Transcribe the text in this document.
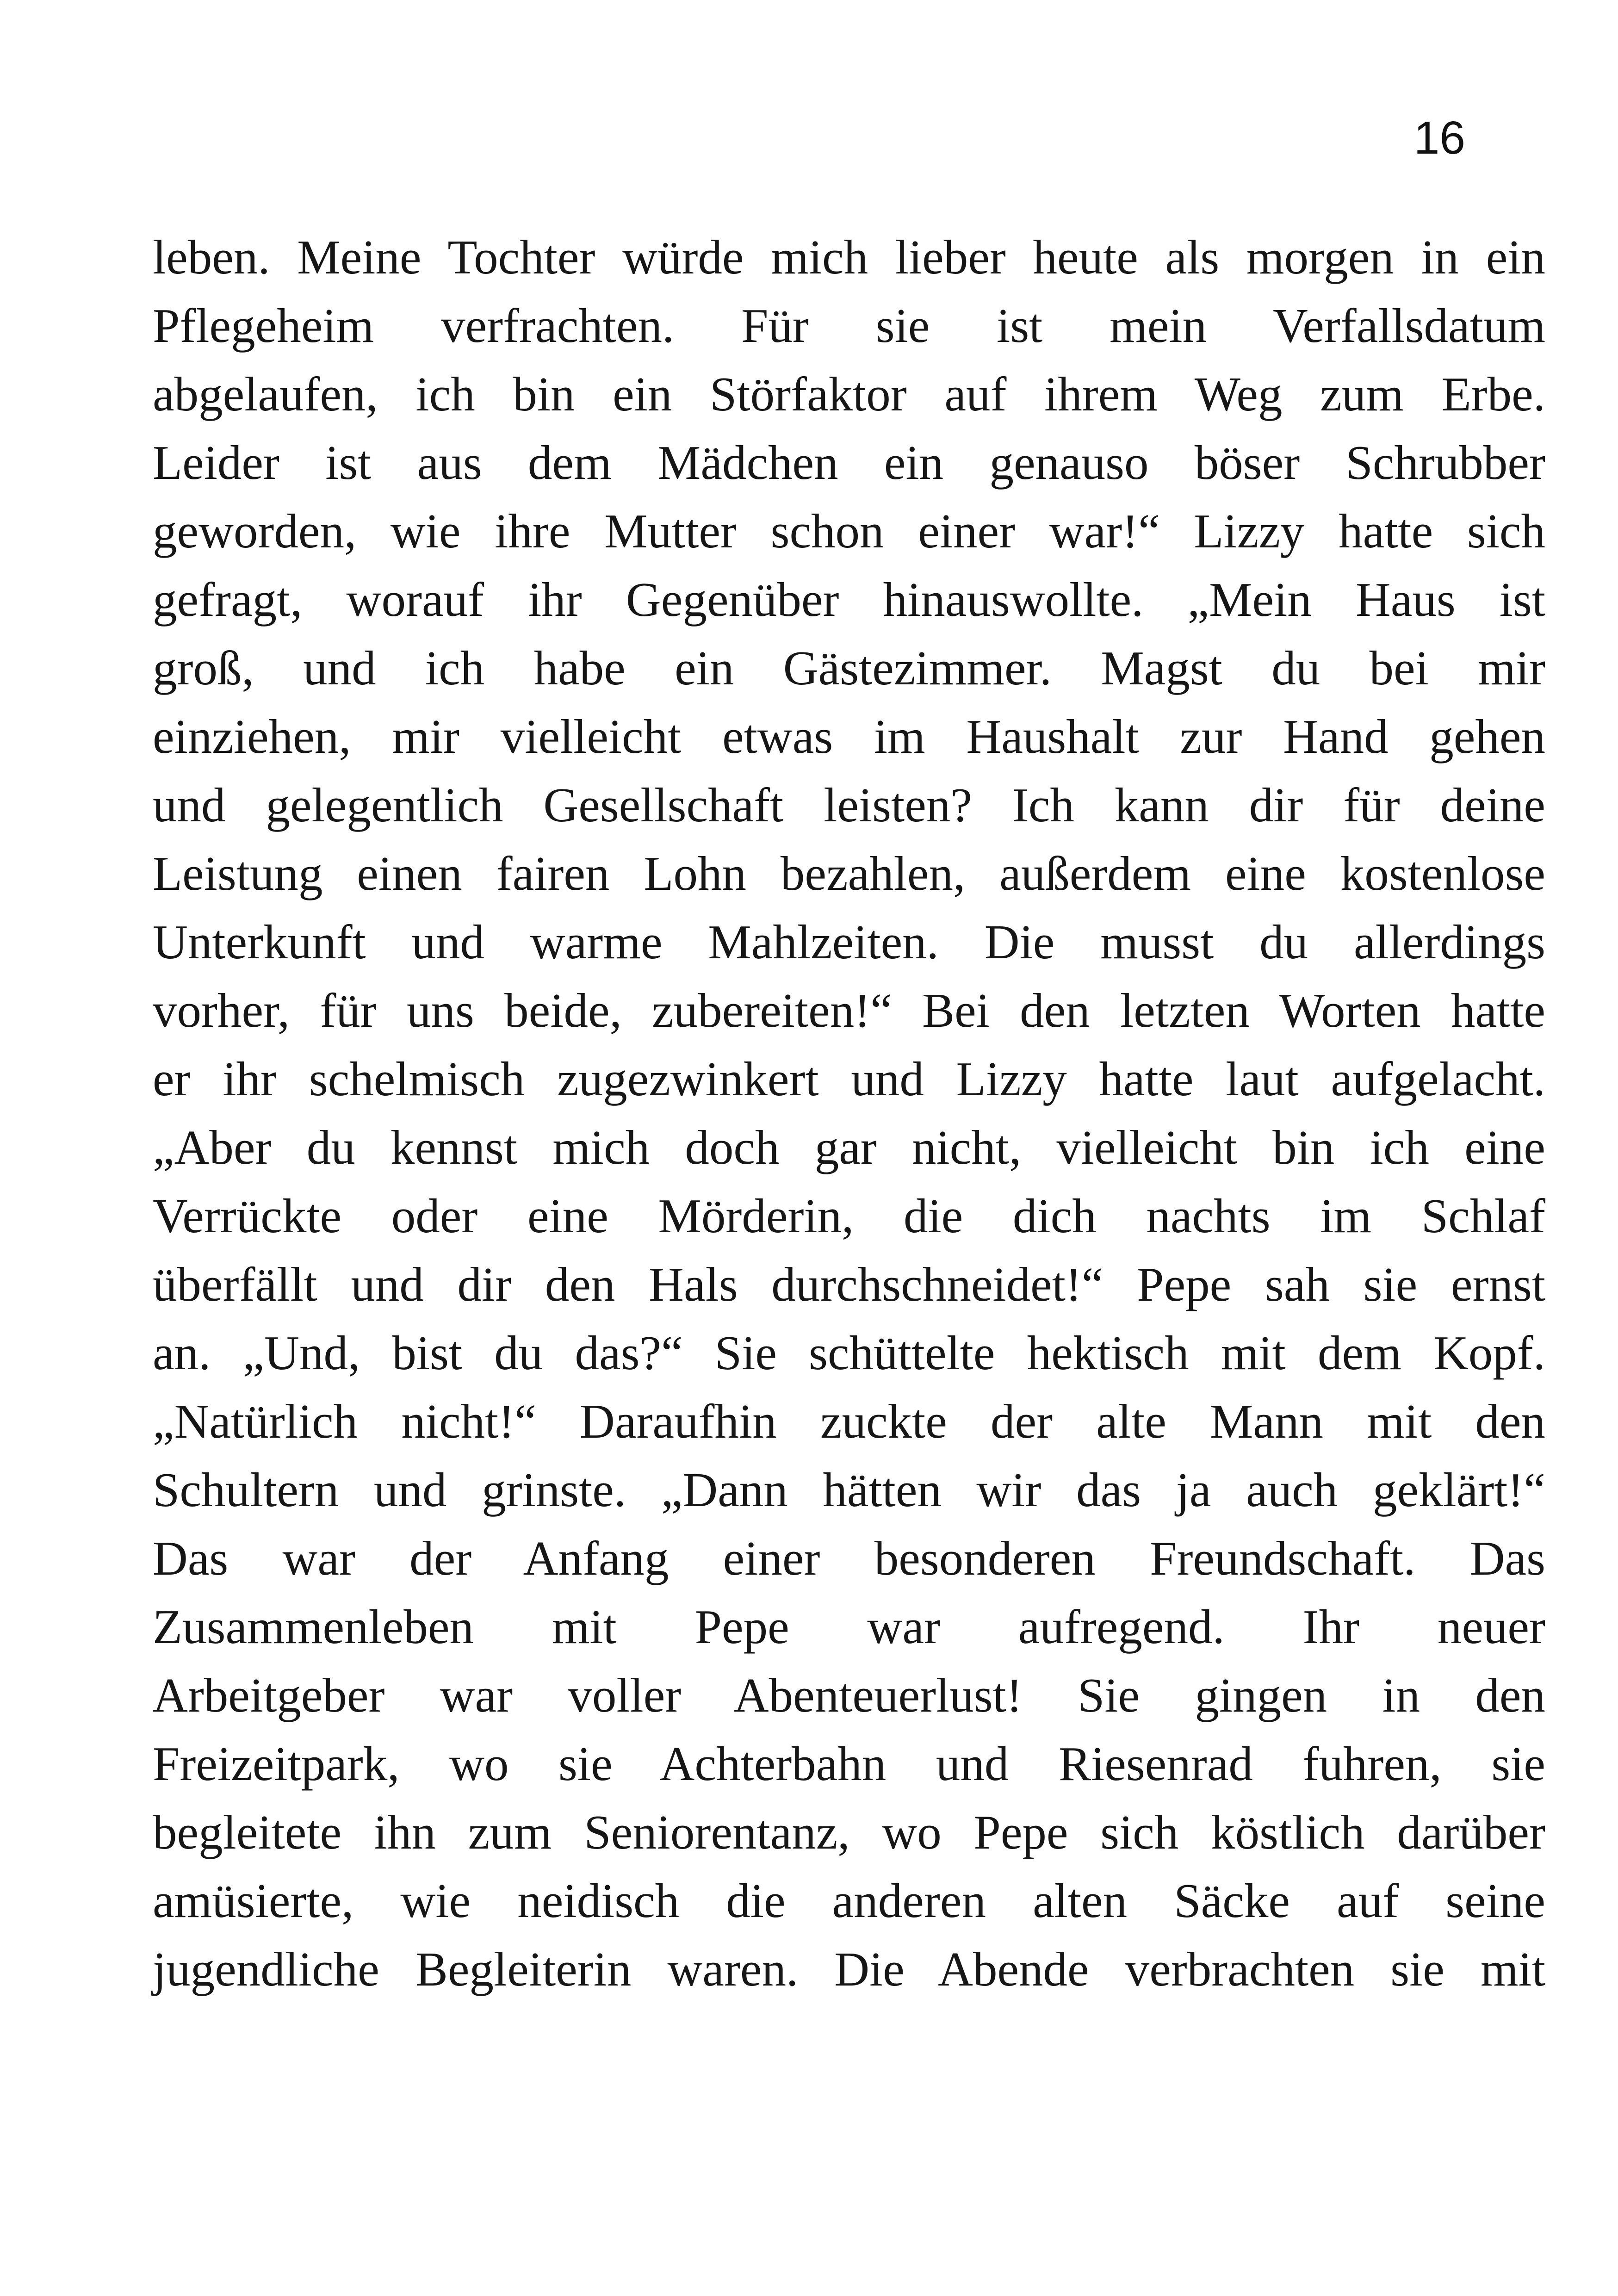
16
leben. Meine Tochter würde mich lieber heute als morgen in ein
Pflegeheim verfrachten. Für sie ist mein Verfallsdatum
abgelaufen, ich bin ein Störfaktor auf ihrem Weg zum Erbe.
Leider ist aus dem Mädchen ein genauso böser Schrubber
geworden, wie ihre Mutter schon einer war!“ Lizzy hatte sich
gefragt, worauf ihr Gegenüber hinauswollte. „Mein Haus ist
groß, und ich habe ein Gästezimmer. Magst du bei mir
einziehen, mir vielleicht etwas im Haushalt zur Hand gehen
und gelegentlich Gesellschaft leisten? Ich kann dir für deine
Leistung einen fairen Lohn bezahlen, außerdem eine kostenlose
Unterkunft und warme Mahlzeiten. Die musst du allerdings
vorher, für uns beide, zubereiten!“ Bei den letzten Worten hatte
er ihr schelmisch zugezwinkert und Lizzy hatte laut aufgelacht.
„Aber du kennst mich doch gar nicht, vielleicht bin ich eine
Verrückte oder eine Mörderin, die dich nachts im Schlaf
überfällt und dir den Hals durchschneidet!“ Pepe sah sie ernst
an. „Und, bist du das?“ Sie schüttelte hektisch mit dem Kopf.
„Natürlich nicht!“ Daraufhin zuckte der alte Mann mit den
Schultern und grinste. „Dann hätten wir das ja auch geklärt!“
Das war der Anfang einer besonderen Freundschaft. Das
Zusammenleben mit Pepe war aufregend. Ihr neuer
Arbeitgeber war voller Abenteuerlust! Sie gingen in den
Freizeitpark, wo sie Achterbahn und Riesenrad fuhren, sie
begleitete ihn zum Seniorentanz, wo Pepe sich köstlich darüber
amüsierte, wie neidisch die anderen alten Säcke auf seine
jugendliche Begleiterin waren. Die Abende verbrachten sie mit
